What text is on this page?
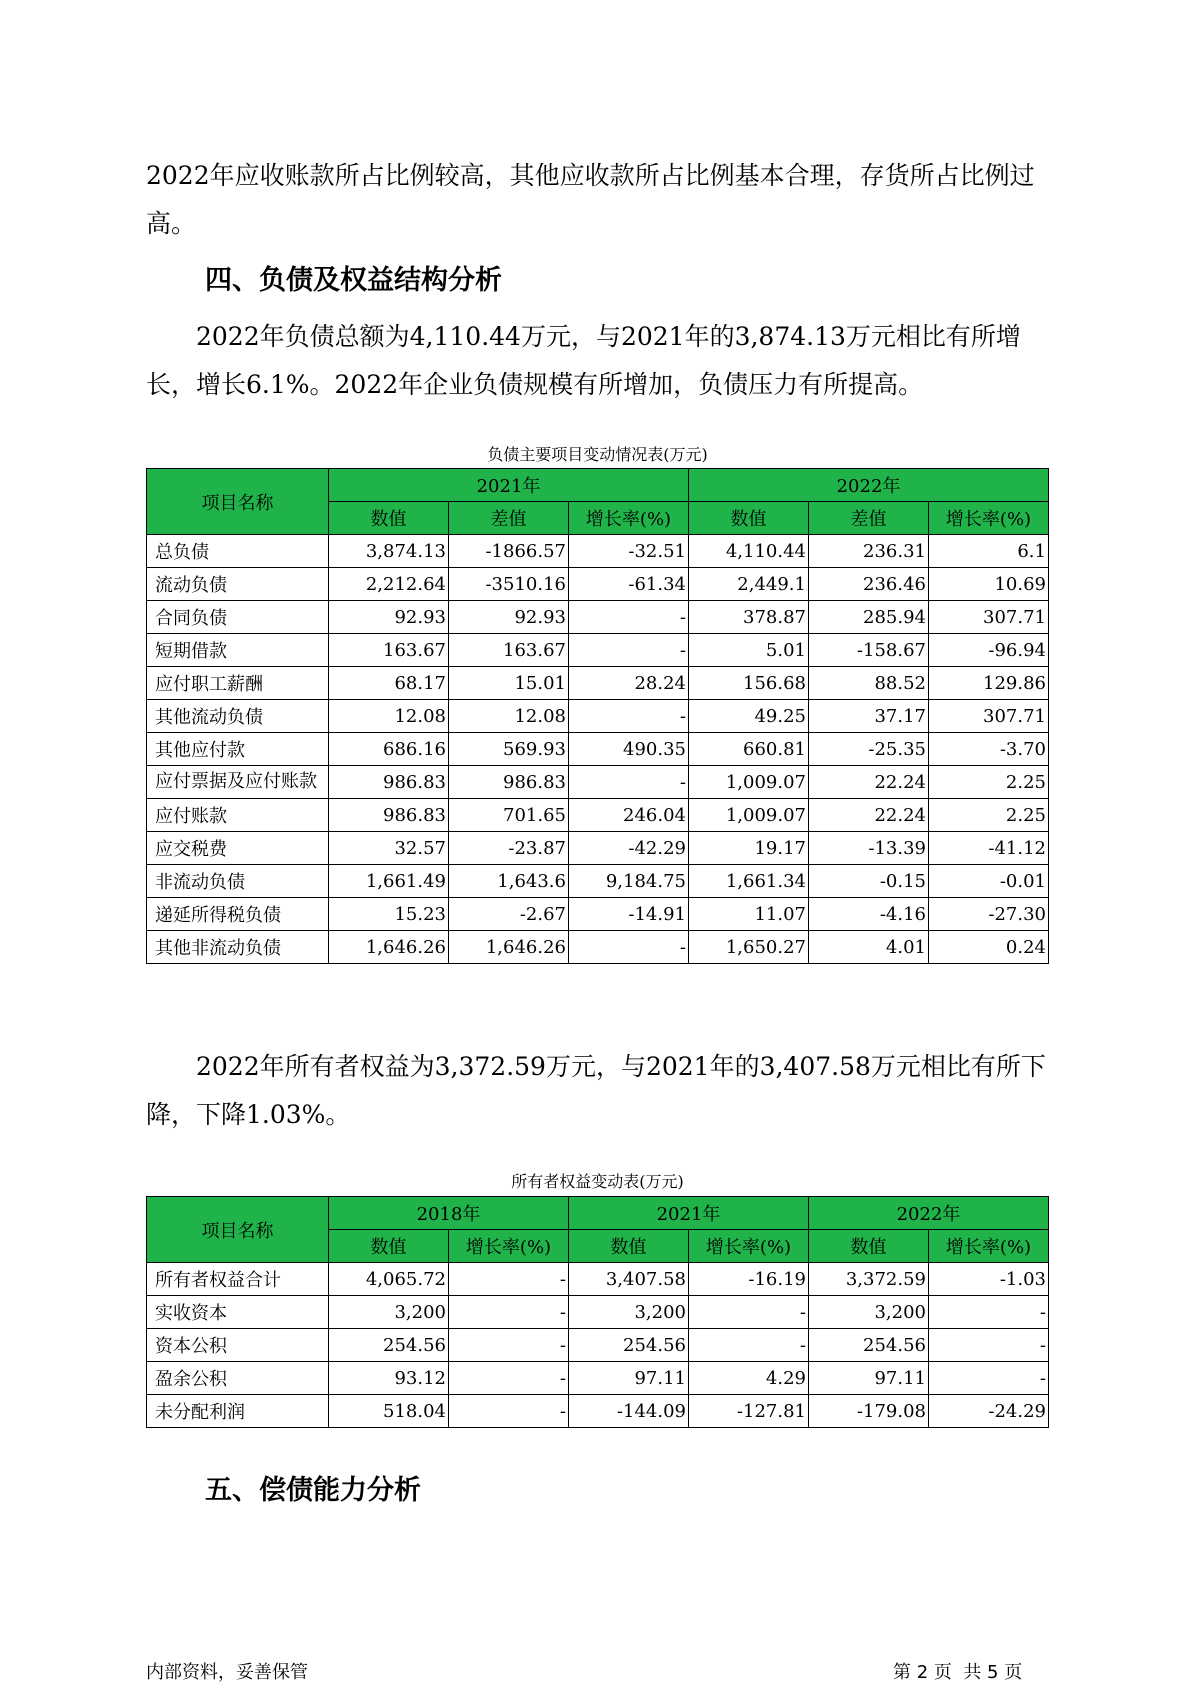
2022年应收账款所占比例较高，其他应收款所占比例基本合理，存货所占比例过高。

四、负债及权益结构分析

2022年负债总额为4,110.44万元，与2021年的3,874.13万元相比有所增长，增长6.1%。2022年企业负债规模有所增加，负债压力有所提高。

负债主要项目变动情况表(万元)

项目名称	2021年			2022年		
	数值	差值	增长率(%)	数值	差值	增长率(%)
总负债	3,874.13	-1866.57	-32.51	4,110.44	236.31	6.1
流动负债	2,212.64	-3510.16	-61.34	2,449.1	236.46	10.69
合同负债	92.93	92.93	-	378.87	285.94	307.71
短期借款	163.67	163.67	-	5.01	-158.67	-96.94
应付职工薪酬	68.17	15.01	28.24	156.68	88.52	129.86
其他流动负债	12.08	12.08	-	49.25	37.17	307.71
其他应付款	686.16	569.93	490.35	660.81	-25.35	-3.70
应付票据及应付账款	986.83	986.83	-	1,009.07	22.24	2.25
应付账款	986.83	701.65	246.04	1,009.07	22.24	2.25
应交税费	32.57	-23.87	-42.29	19.17	-13.39	-41.12
非流动负债	1,661.49	1,643.6	9,184.75	1,661.34	-0.15	-0.01
递延所得税负债	15.23	-2.67	-14.91	11.07	-4.16	-27.30
其他非流动负债	1,646.26	1,646.26	-	1,650.27	4.01	0.24

2022年所有者权益为3,372.59万元，与2021年的3,407.58万元相比有所下降，下降1.03%。

所有者权益变动表(万元)

项目名称	2018年		2021年		2022年	
	数值	增长率(%)	数值	增长率(%)	数值	增长率(%)
所有者权益合计	4,065.72	-	3,407.58	-16.19	3,372.59	-1.03
实收资本	3,200	-	3,200	-	3,200	-
资本公积	254.56	-	254.56	-	254.56	-
盈余公积	93.12	-	97.11	4.29	97.11	-
未分配利润	518.04	-	-144.09	-127.81	-179.08	-24.29
五、偿债能力分析

内部资料，妥善保管	第 2 页  共 5 页
